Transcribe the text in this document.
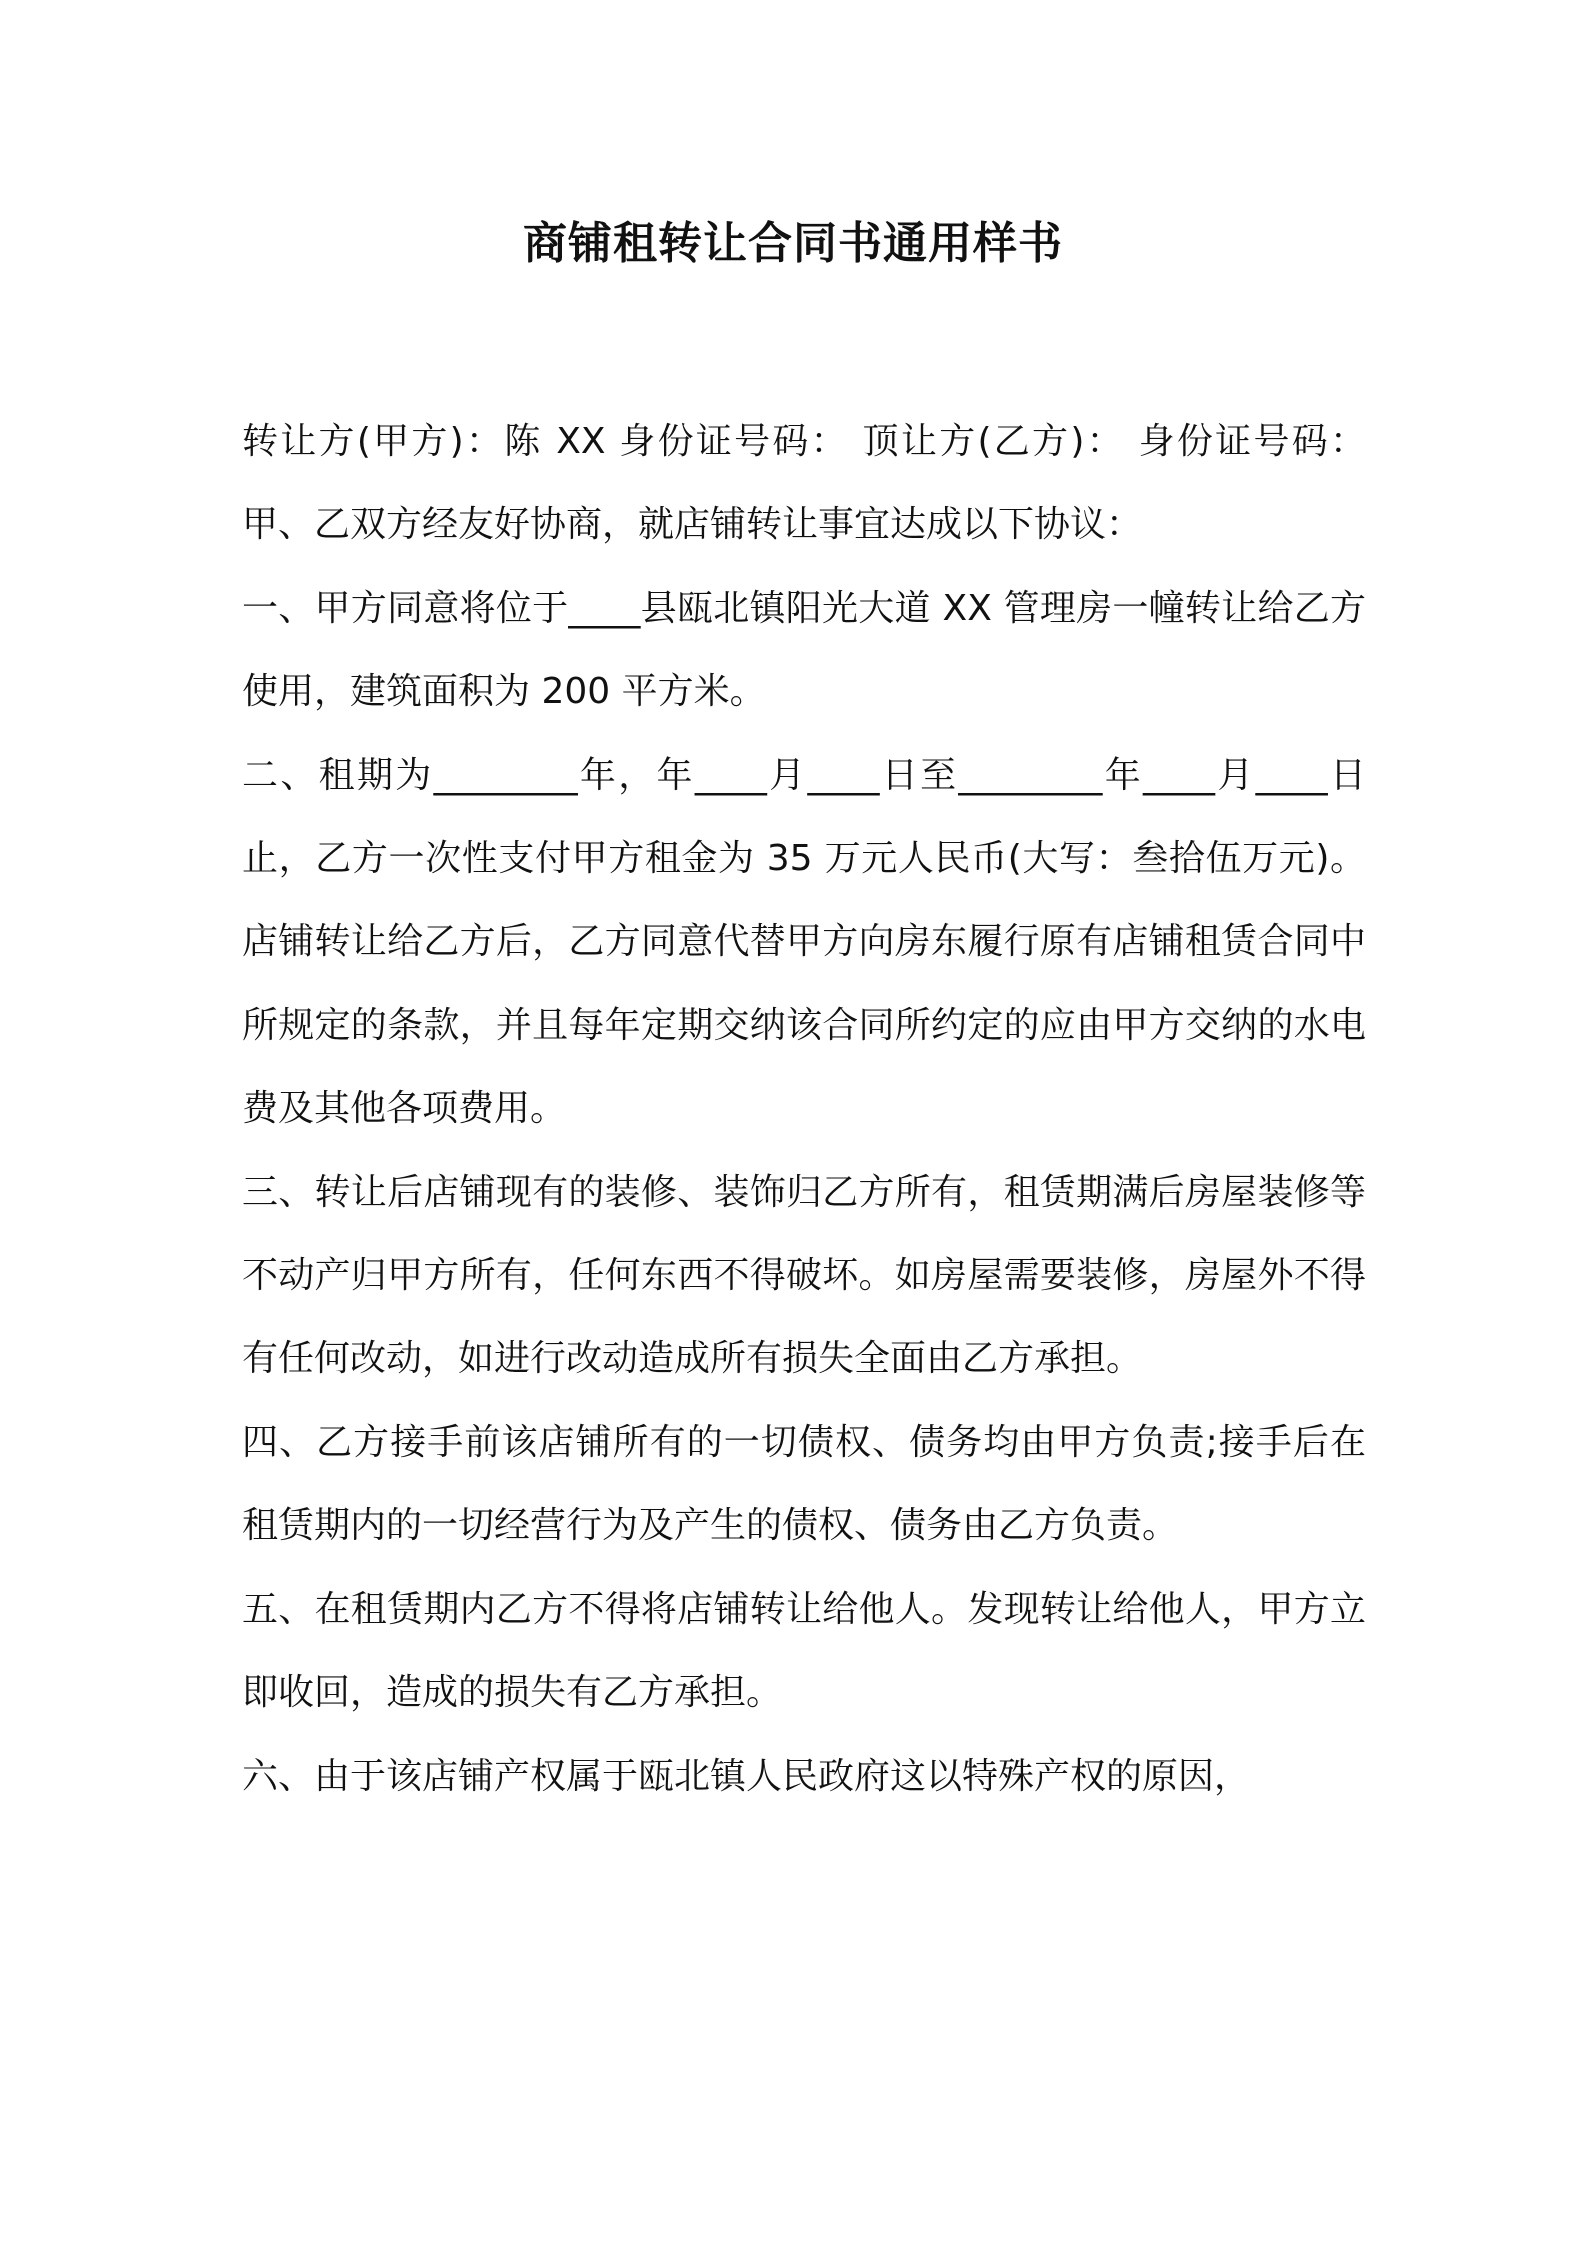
商铺租转让合同书通用样书

转让方(甲方)：陈 XX 身份证号码： 顶让方(乙方)： 身份证号码： 甲、乙双方经友好协商，就店铺转让事宜达成以下协议：

一、甲方同意将位于____县瓯北镇阳光大道 XX 管理房一幢转让给乙方使用，建筑面积为 200 平方米。

二、租期为________年，年____月____日至________年____月____日止，乙方一次性支付甲方租金为 35 万元人民币(大写：叁拾伍万元)。店铺转让给乙方后，乙方同意代替甲方向房东履行原有店铺租赁合同中所规定的条款，并且每年定期交纳该合同所约定的应由甲方交纳的水电费及其他各项费用。

三、转让后店铺现有的装修、装饰归乙方所有，租赁期满后房屋装修等不动产归甲方所有，任何东西不得破坏。如房屋需要装修，房屋外不得有任何改动，如进行改动造成所有损失全面由乙方承担。

四、乙方接手前该店铺所有的一切债权、债务均由甲方负责;接手后在租赁期内的一切经营行为及产生的债权、债务由乙方负责。

五、在租赁期内乙方不得将店铺转让给他人。发现转让给他人，甲方立即收回，造成的损失有乙方承担。

六、由于该店铺产权属于瓯北镇人民政府这以特殊产权的原因，
